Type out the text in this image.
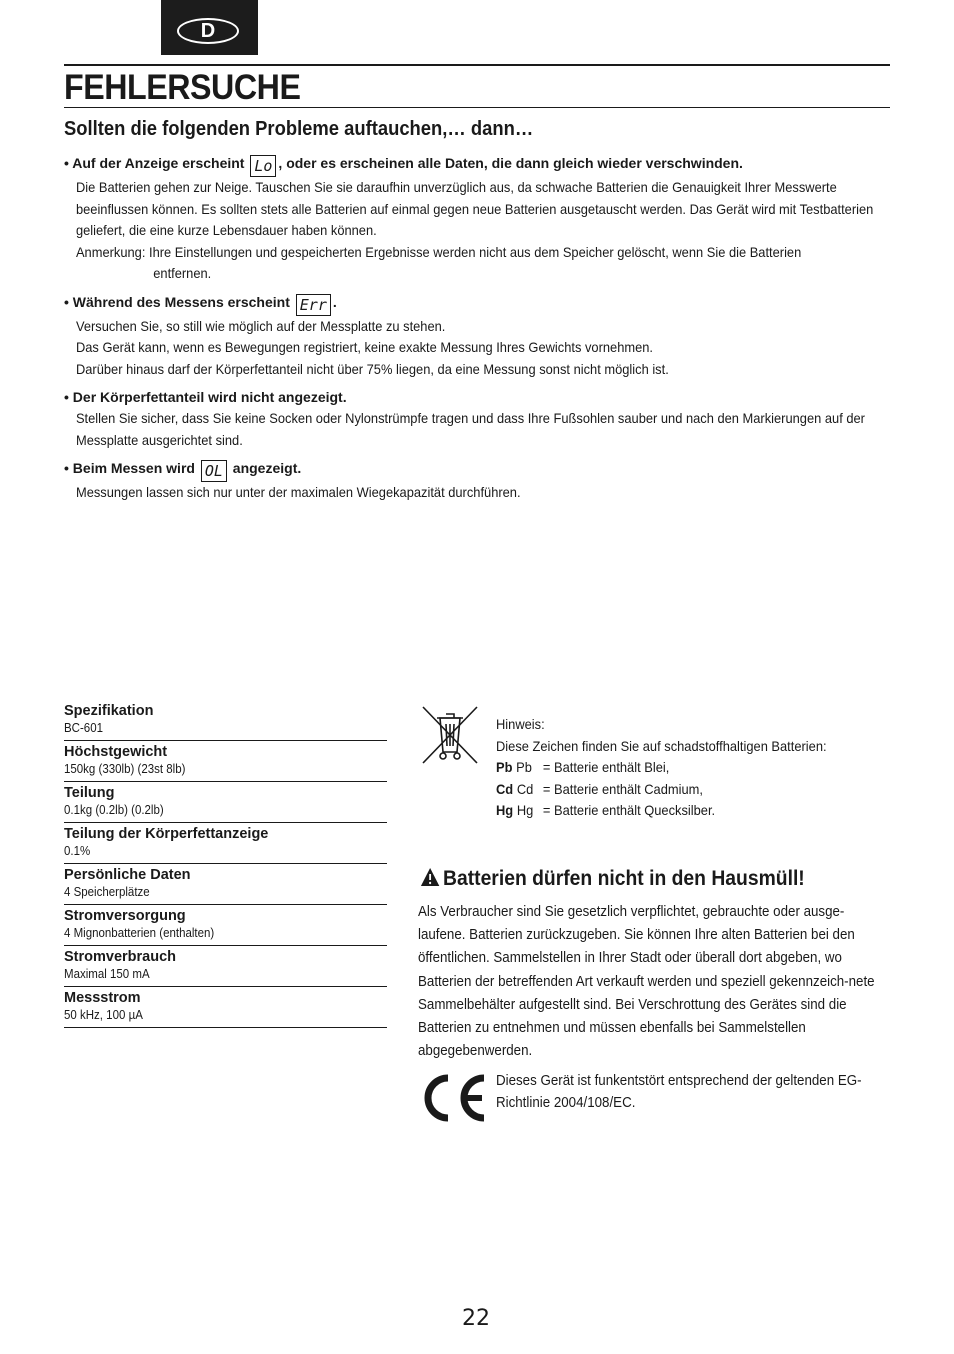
D
FEHLERSUCHE
Sollten die folgenden Probleme auftauchen,… dann…
• Auf der Anzeige erscheint Lo , oder es erscheinen alle Daten, die dann gleich wieder verschwinden.
Die Batterien gehen zur Neige. Tauschen Sie sie daraufhin unverzüglich aus, da schwache Batterien die Genauigkeit Ihrer Messwerte beeinflussen können. Es sollten stets alle Batterien auf einmal gegen neue Batterien ausgetauscht werden. Das Gerät wird mit Testbatterien geliefert, die eine kurze Lebensdauer haben können.
Anmerkung: Ihre Einstellungen und gespeicherten Ergebnisse werden nicht aus dem Speicher gelöscht, wenn Sie die Batterien
entfernen.
• Während des Messens erscheint Err .
Versuchen Sie, so still wie möglich auf der Messplatte zu stehen.
Das Gerät kann, wenn es Bewegungen registriert, keine exakte Messung Ihres Gewichts vornehmen.
Darüber hinaus darf der Körperfettanteil nicht über 75% liegen, da eine Messung sonst nicht möglich ist.
• Der Körperfettanteil wird nicht angezeigt.
Stellen Sie sicher, dass Sie keine Socken oder Nylonstrümpfe tragen und dass Ihre Fußsohlen sauber und nach den Markierungen auf der Messplatte ausgerichtet sind.
• Beim Messen wird OL angezeigt.
Messungen lassen sich nur unter der maximalen Wiegekapazität durchführen.
Spezifikation
BC-601
Höchstgewicht
150kg (330lb) (23st 8lb)
Teilung
0.1kg (0.2lb) (0.2lb)
Teilung der Körperfettanzeige
0.1%
Persönliche Daten
4 Speicherplätze
Stromversorgung
4 Mignonbatterien (enthalten)
Stromverbrauch
Maximal 150 mA
Messstrom
50 kHz, 100 µA
Hinweis:
Diese Zeichen finden Sie auf schadstoffhaltigen Batterien:
Pb Pb = Batterie enthält Blei,
Cd Cd = Batterie enthält Cadmium,
Hg Hg = Batterie enthält Quecksilber.
Batterien dürfen nicht in den Hausmüll!
Als Verbraucher sind Sie gesetzlich verpflichtet, gebrauchte oder ausge-laufene. Batterien zurückzugeben. Sie können Ihre alten Batterien bei den öffentlichen. Sammelstellen in Ihrer Stadt oder überall dort abgeben, wo Batterien der betreffenden Art verkauft werden und speziell gekennzeich-nete Sammelbehälter aufgestellt sind. Bei Verschrottung des Gerätes sind die Batterien zu entnehmen und müssen ebenfalls bei Sammelstellen abgegebenwerden.
Dieses Gerät ist funkentstört entsprechend der geltenden EG-Richtlinie 2004/108/EC.
22
